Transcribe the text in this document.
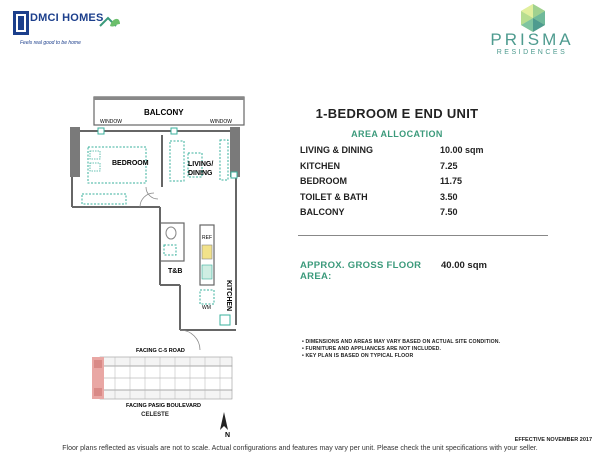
DMCI HOMES
Feels real good to be home	PRISMA
RESIDENCES
BALCONY
BEDROOM	LIVING/
DINING
T&B
KITCHEN
WINDOW	WINDOW
REF
WM
1-BEDROOM E END UNIT
AREA ALLOCATION
LIVING & DINING	10.00 sqm
KITCHEN	7.25
BEDROOM	11.75
TOILET & BATH	3.50
BALCONY	7.50
APPROX. GROSS FLOOR AREA:
40.00 sqm
• DIMENSIONS AND AREAS MAY VARY BASED ON ACTUAL SITE CONDITION.
• FURNITURE AND APPLIANCES ARE NOT INCLUDED.
• KEY PLAN IS BASED ON TYPICAL FLOOR
FACING C-5 ROAD
FACING PASIG BOULEVARD
CELESTE
N
EFFECTIVE NOVEMBER 2017
Floor plans reflected as visuals are not to scale. Actual configurations and features may vary per unit. Please check the unit specifications with your seller.
